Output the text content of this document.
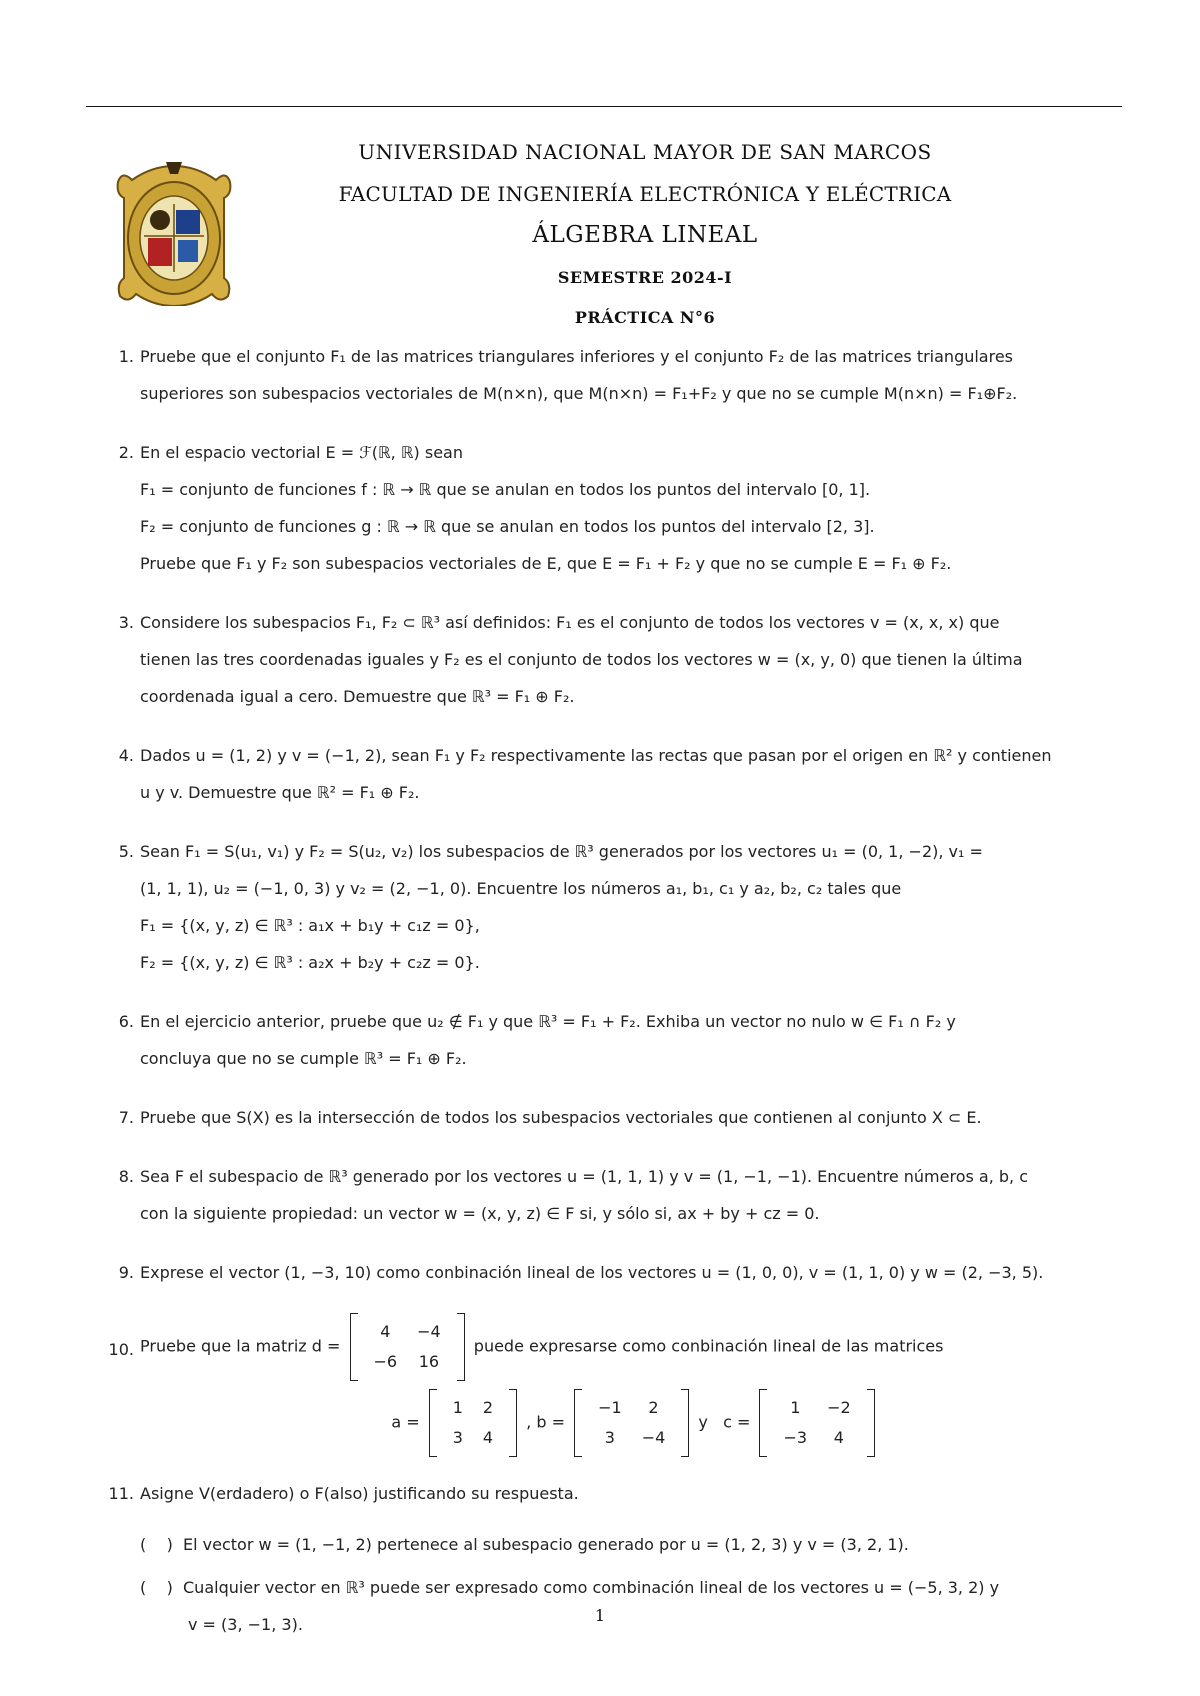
UNIVERSIDAD NACIONAL MAYOR DE SAN MARCOS
FACULTAD DE INGENIERÍA ELECTRÓNICA Y ELÉCTRICA
ÁLGEBRA LINEAL
SEMESTRE 2024-I
PRÁCTICA N°6
1. Pruebe que el conjunto F₁ de las matrices triangulares inferiores y el conjunto F₂ de las matrices triangulares
superiores son subespacios vectoriales de M(n×n), que M(n×n) = F₁+F₂ y que no se cumple M(n×n) = F₁⊕F₂.
2. En el espacio vectorial E = ℱ(ℝ, ℝ) sean
F₁ = conjunto de funciones f : ℝ → ℝ que se anulan en todos los puntos del intervalo [0, 1].
F₂ = conjunto de funciones g : ℝ → ℝ que se anulan en todos los puntos del intervalo [2, 3].
Pruebe que F₁ y F₂ son subespacios vectoriales de E, que E = F₁ + F₂ y que no se cumple E = F₁ ⊕ F₂.
3. Considere los subespacios F₁, F₂ ⊂ ℝ³ así definidos: F₁ es el conjunto de todos los vectores v = (x, x, x) que
tienen las tres coordenadas iguales y F₂ es el conjunto de todos los vectores w = (x, y, 0) que tienen la última
coordenada igual a cero. Demuestre que ℝ³ = F₁ ⊕ F₂.
4. Dados u = (1, 2) y v = (−1, 2), sean F₁ y F₂ respectivamente las rectas que pasan por el origen en ℝ² y contienen
u y v. Demuestre que ℝ² = F₁ ⊕ F₂.
5. Sean F₁ = S(u₁, v₁) y F₂ = S(u₂, v₂) los subespacios de ℝ³ generados por los vectores u₁ = (0, 1, −2), v₁ =
(1, 1, 1), u₂ = (−1, 0, 3) y v₂ = (2, −1, 0). Encuentre los números a₁, b₁, c₁ y a₂, b₂, c₂ tales que
F₁ = {(x, y, z) ∈ ℝ³ : a₁x + b₁y + c₁z = 0},
F₂ = {(x, y, z) ∈ ℝ³ : a₂x + b₂y + c₂z = 0}.
6. En el ejercicio anterior, pruebe que u₂ ∉ F₁ y que ℝ³ = F₁ + F₂. Exhiba un vector no nulo w ∈ F₁ ∩ F₂ y
concluya que no se cumple ℝ³ = F₁ ⊕ F₂.
7. Pruebe que S(X) es la intersección de todos los subespacios vectoriales que contienen al conjunto X ⊂ E.
8. Sea F el subespacio de ℝ³ generado por los vectores u = (1, 1, 1) y v = (1, −1, −1). Encuentre números a, b, c
con la siguiente propiedad: un vector w = (x, y, z) ∈ F si, y sólo si, ax + by + cz = 0.
9. Exprese el vector (1, −3, 10) como conbinación lineal de los vectores u = (1, 0, 0), v = (1, 1, 0) y w = (2, −3, 5).
10. Pruebe que la matriz d =
4	−4
−6	16
puede expresarse como conbinación lineal de las matrices
a =
1	2
3	4
, b =
−1	2
3	−4
y   c =
1	−2
−3	4
11. Asigne V(erdadero) o F(also) justificando su respuesta.
(    )  El vector w = (1, −1, 2) pertenece al subespacio generado por u = (1, 2, 3) y v = (3, 2, 1).
(    )  Cualquier vector en ℝ³ puede ser expresado como combinación lineal de los vectores u = (−5, 3, 2) y
v = (3, −1, 3).	1
